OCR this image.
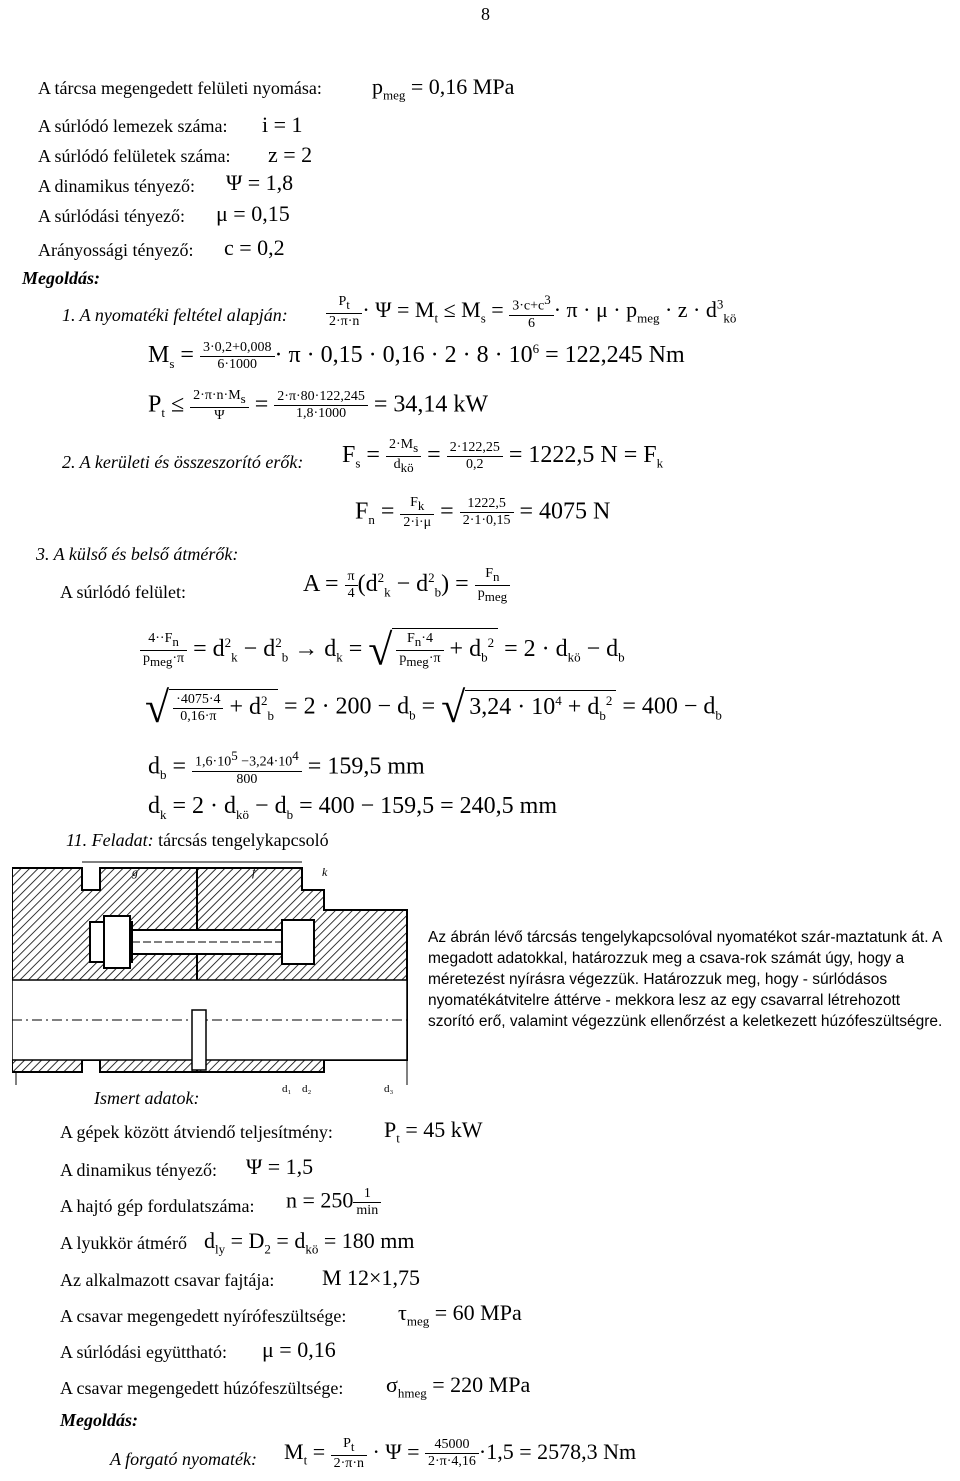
8
A tárcsa megengedett felületi nyomása: $p_{meg} = 0,16$ MPa
A súrlódó lemezek száma: i = 1
A súrlódó felületek száma: z = 2
A dinamikus tényező: Ψ = 1,8
A súrlódási tényező: μ = 0,15
Arányossági tényező: c = 0,2
Megoldás:
1. A nyomatéki feltétel alapján:	$\frac{P_t}{2\cdot\pi\cdot n} \cdot \Psi = M_t \le M_s = \frac{3\cdot c+c^3}{6} \cdot \pi \cdot \mu \cdot p_{meg} \cdot z \cdot d^3_{kö}$
$M_s = \frac{3\cdot 0,2+0,008}{6\cdot 1000} \cdot \pi \cdot 0,15 \cdot 0,16 \cdot 2 \cdot 8 \cdot 10^6 = 122,245$ Nm
$P_t \le \frac{2\cdot\pi\cdot n\cdot M_s}{\Psi} = \frac{2\cdot\pi\cdot 80\cdot 122,245}{1,8\cdot 1000} = 34,14$ kW
2. A kerületi és összeszorító erők: $F_s = \frac{2\cdot M_s}{d_{kö}} = \frac{2\cdot 122,25}{0,2} = 1222,5$ $N = F_k$
$F_n = \frac{F_k}{2\cdot i\cdot\mu} = \frac{1222,5}{2\cdot 1\cdot 0,15} = 4075$ N
3. A külső és belső átmérők:
A súrlódó felület:	$A = \frac{\pi}{4} (d^2_k - d^2_b) = \frac{F_n}{p_{meg}}$
$\frac{4\cdot\cdot F_n}{p_{meg}\cdot\pi} = d^2_k - d^2_b \to d_k$ = √ $\frac{F_n\cdot 4}{p_{meg}\cdot\pi} + d_b^2 = 2 \cdot d_{kö} - d_b$
√ $\frac{\cdot 4075\cdot 4}{0,16\cdot\pi} + d^2_b = 2 \cdot 200 - d_b$ = √ $3,24 \cdot 10^4 + d_b^2 = 400 - d_b$
$d_b = \frac{1,6\cdot 10^5 -3,24\cdot 10^4}{800} = 159,5$ mm
$d_k = 2 \cdot d_{kö} - d_b = 400 - 159,5 = 240,5$ mm
11. Feladat: tárcsás tengelykapcsoló
g	f	k
d₁ d₂	d₃
Az ábrán lévő tárcsás tengelykapcsolóval nyomatékot szár-maztatunk át. A megadott adatokkal, határozzuk meg a csava-rok számát úgy, hogy a méretezést nyírásra végezzük. Határozzuk meg, hogy - súrlódásos nyomatékátvitelre áttérve - mekkora lesz az egy csavarral létrehozott szorító erő, valamint végezzünk ellenőrzést a keletkezett húzófeszültségre.
Ismert adatok:
A gépek között átviendő teljesítmény: $P_t = 45$ kW
A dinamikus tényező: Ψ = 1,5
A hajtó gép fordulatszáma: $n = 250 \frac{1}{\min}$
A lyukkör átmérő $d_{ly} = D_2 = d_{kö} = 180$ mm
Az alkalmazott csavar fajtája: M 12×1,75
A csavar megengedett nyírófeszültsége: $\tau_{meg} = 60$ MPa
A súrlódási együttható: μ = 0,16
A csavar megengedett húzófeszültsége: $\sigma_{hmeg} = 220$ MPa
Megoldás:
A forgató nyomaték: $M_t = \frac{P_t}{2\cdot\pi\cdot n} \cdot \Psi = \frac{45000}{2\cdot\pi\cdot 4,16} \cdot 1,5 = 2578,3$ Nm
